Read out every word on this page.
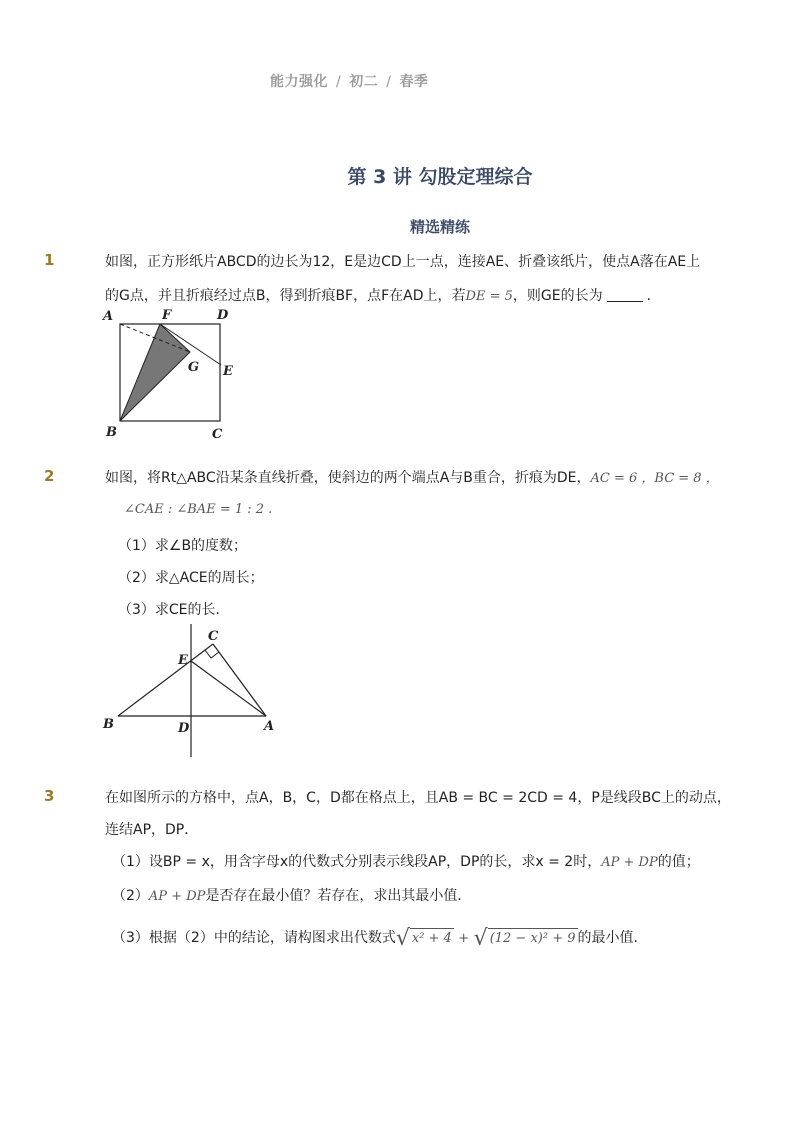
能力强化 / 初二 / 春季
第 3 讲 勾股定理综合
精选精练
1	如图，正方形纸片ABCD的边长为12，E是边CD上一点，连接AE、折叠该纸片，使点A落在AE上
的G点，并且折痕经过点B，得到折痕BF，点F在AD上，若DE = 5，则GE的长为	．
A	F	D
G E
B	C
2	如图，将Rt△ABC沿某条直线折叠，使斜边的两个端点A与B重合，折痕为DE，AC = 6 ，BC = 8 ，
∠CAE : ∠BAE = 1 : 2 .
（1）求∠B的度数；
（2）求△ACE的周长；
（3）求CE的长．
C
E
B	D	A
3	在如图所示的方格中，点A，B，C，D都在格点上，且AB = BC = 2CD = 4，P是线段BC上的动点，
连结AP，DP．
（1）设BP = x，用含字母x的代数式分别表示线段AP，DP的长，求x = 2时，AP + DP的值；
（2）AP + DP是否存在最小值？若存在，求出其最小值．
（3）根据（2）中的结论，请构图求出代数式√ x² + 4 + √ (12 − x)² + 9 的最小值．
